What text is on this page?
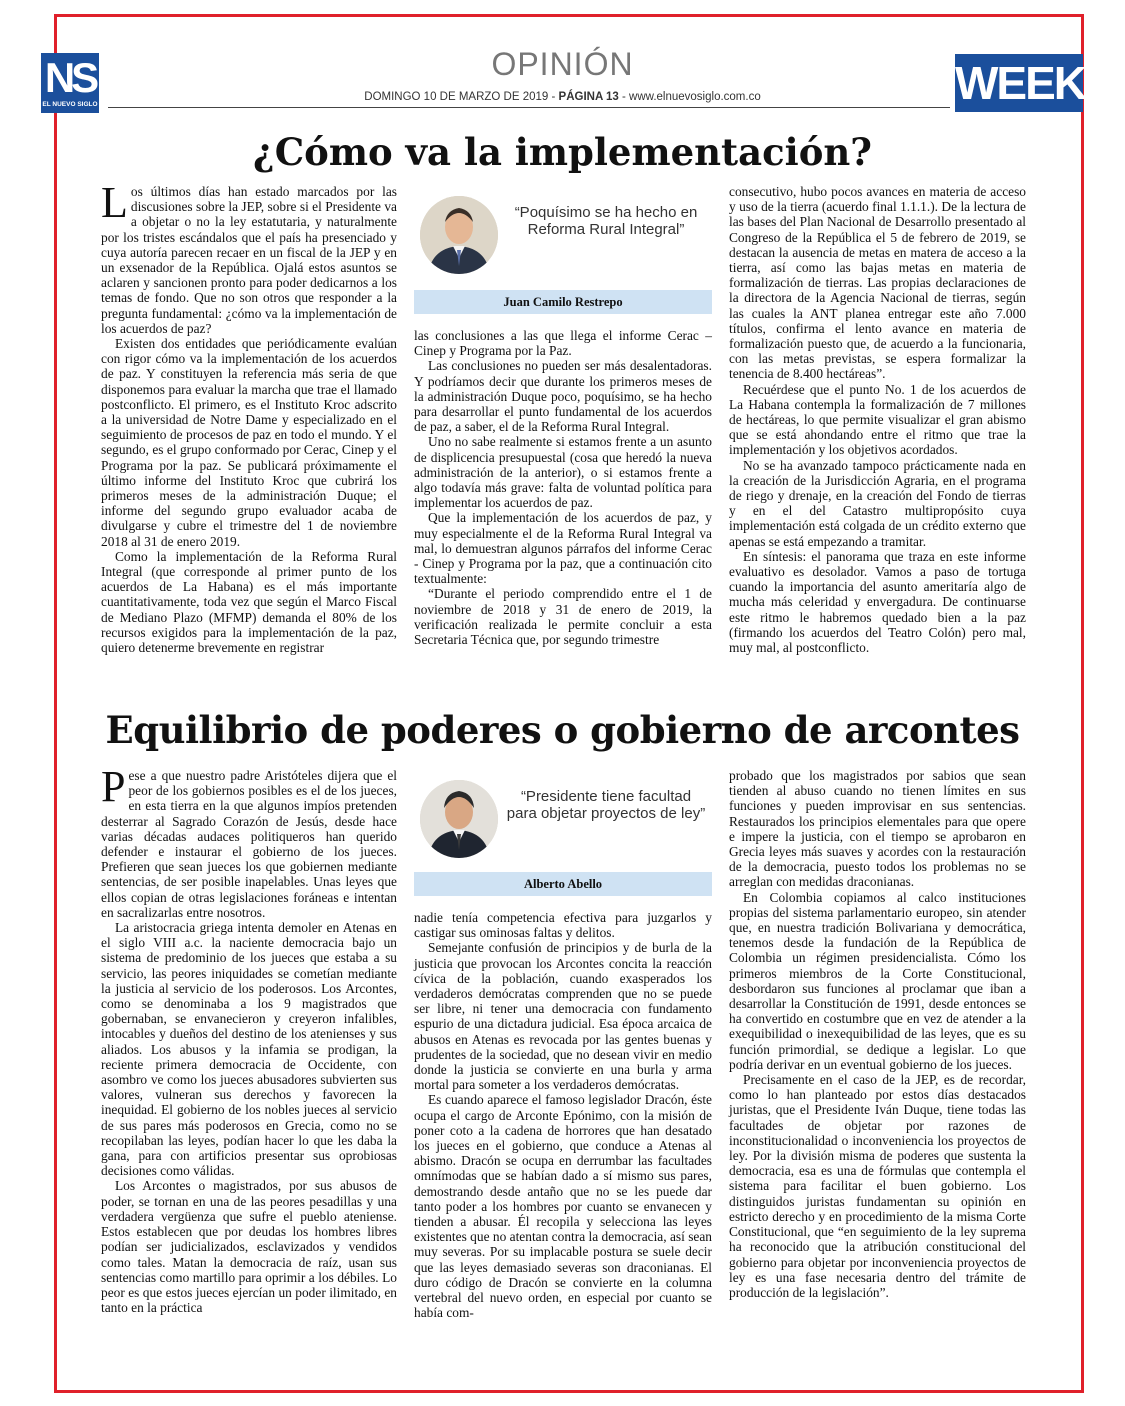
NS
EL NUEVO SIGLO
OPINIÓN
DOMINGO 10 DE MARZO DE 2019 - PÁGINA 13 - www.elnuevosiglo.com.co	WEEK
¿Cómo va la implementación?

Los últimos días han estado marcados por las discusiones sobre la JEP, sobre si el Presidente va a objetar o no la ley estatutaria, y naturalmente por los tristes escándalos que el país ha presenciado y cuya autoría parecen recaer en un fiscal de la JEP y en un exsenador de la República. Ojalá estos asuntos se aclaren y sancionen pronto para poder dedicarnos a los temas de fondo. Que no son otros que responder a la pregunta fundamental: ¿cómo va la implementación de los acuerdos de paz?

Existen dos entidades que periódicamente evalúan con rigor cómo va la implementación de los acuerdos de paz. Y constituyen la referencia más seria de que disponemos para evaluar la marcha que trae el llamado postconflicto. El primero, es el Instituto Kroc adscrito a la universidad de Notre Dame y especializado en el seguimiento de procesos de paz en todo el mundo. Y el segundo, es el grupo conformado por Cerac, Cinep y el Programa por la paz. Se publicará próximamente el último informe del Instituto Kroc que cubrirá los primeros meses de la administración Duque; el informe del segundo grupo evaluador acaba de divulgarse y cubre el trimestre del 1 de noviembre 2018 al 31 de enero 2019.

Como la implementación de la Reforma Rural Integral (que corresponde al primer punto de los acuerdos de La Habana) es el más importante cuantitativamente, toda vez que según el Marco Fiscal de Mediano Plazo (MFMP) demanda el 80% de los recursos exigidos para la implementación de la paz, quiero detenerme brevemente en registrar

“Poquísimo se ha hecho en Reforma Rural Integral”
Juan Camilo Restrepo

las conclusiones a las que llega el informe Cerac – Cinep y Programa por la Paz.

Las conclusiones no pueden ser más desalentadoras. Y podríamos decir que durante los primeros meses de la administración Duque poco, poquísimo, se ha hecho para desarrollar el punto fundamental de los acuerdos de paz, a saber, el de la Reforma Rural Integral.

Uno no sabe realmente si estamos frente a un asunto de displicencia presupuestal (cosa que heredó la nueva administración de la anterior), o si estamos frente a algo todavía más grave: falta de voluntad política para implementar los acuerdos de paz.

Que la implementación de los acuerdos de paz, y muy especialmente el de la Reforma Rural Integral va mal, lo demuestran algunos párrafos del informe Cerac - Cinep y Programa por la paz, que a continuación cito textualmente:

“Durante el periodo comprendido entre el 1 de noviembre de 2018 y 31 de enero de 2019, la verificación realizada le permite concluir a esta Secretaria Técnica que, por segundo trimestre

consecutivo, hubo pocos avances en materia de acceso y uso de la tierra (acuerdo final 1.1.1.). De la lectura de las bases del Plan Nacional de Desarrollo presentado al Congreso de la República el 5 de febrero de 2019, se destacan la ausencia de metas en matera de acceso a la tierra, así como las bajas metas en materia de formalización de tierras. Las propias declaraciones de la directora de la Agencia Nacional de tierras, según las cuales la ANT planea entregar este año 7.000 títulos, confirma el lento avance en materia de formalización puesto que, de acuerdo a la funcionaria, con las metas previstas, se espera formalizar la tenencia de 8.400 hectáreas”.

Recuérdese que el punto No. 1 de los acuerdos de La Habana contempla la formalización de 7 millones de hectáreas, lo que permite visualizar el gran abismo que se está ahondando entre el ritmo que trae la implementación y los objetivos acordados.

No se ha avanzado tampoco prácticamente nada en la creación de la Jurisdicción Agraria, en el programa de riego y drenaje, en la creación del Fondo de tierras y en el del Catastro multipropósito cuya implementación está colgada de un crédito externo que apenas se está empezando a tramitar.

En síntesis: el panorama que traza en este informe evaluativo es desolador. Vamos a paso de tortuga cuando la importancia del asunto ameritaría algo de mucha más celeridad y envergadura. De continuarse este ritmo le habremos quedado bien a la paz (firmando los acuerdos del Teatro Colón) pero mal, muy mal, al postconflicto.

Equilibrio de poderes o gobierno de arcontes

Pese a que nuestro padre Aristóteles dijera que el peor de los gobiernos posibles es el de los jueces, en esta tierra en la que algunos impíos pretenden desterrar al Sagrado Corazón de Jesús, desde hace varias décadas audaces politiqueros han querido defender e instaurar el gobierno de los jueces. Prefieren que sean jueces los que gobiernen mediante sentencias, de ser posible inapelables. Unas leyes que ellos copian de otras legislaciones foráneas e intentan en sacralizarlas entre nosotros.

La aristocracia griega intenta demoler en Atenas en el siglo VIII a.c. la naciente democracia bajo un sistema de predominio de los jueces que estaba a su servicio, las peores iniquidades se cometían mediante la justicia al servicio de los poderosos. Los Arcontes, como se denominaba a los 9 magistrados que gobernaban, se envanecieron y creyeron infalibles, intocables y dueños del destino de los atenienses y sus aliados. Los abusos y la infamia se prodigan, la reciente primera democracia de Occidente, con asombro ve como los jueces abusadores subvierten sus valores, vulneran sus derechos y favorecen la inequidad. El gobierno de los nobles jueces al servicio de sus pares más poderosos en Grecia, como no se recopilaban las leyes, podían hacer lo que les daba la gana, para con artificios presentar sus oprobiosas decisiones como válidas.

Los Arcontes o magistrados, por sus abusos de poder, se tornan en una de las peores pesadillas y una verdadera vergüenza que sufre el pueblo ateniense. Estos establecen que por deudas los hombres libres podían ser judicializados, esclavizados y vendidos como tales. Matan la democracia de raíz, usan sus sentencias como martillo para oprimir a los débiles. Lo peor es que estos jueces ejercían un poder ilimitado, en tanto en la práctica

“Presidente tiene facultad para objetar proyectos de ley”
Alberto Abello

nadie tenía competencia efectiva para juzgarlos y castigar sus ominosas faltas y delitos.

Semejante confusión de principios y de burla de la justicia que provocan los Arcontes concita la reacción cívica de la población, cuando exasperados los verdaderos demócratas comprenden que no se puede ser libre, ni tener una democracia con fundamento espurio de una dictadura judicial. Esa época arcaica de abusos en Atenas es revocada por las gentes buenas y prudentes de la sociedad, que no desean vivir en medio donde la justicia se convierte en una burla y arma mortal para someter a los verdaderos demócratas.

Es cuando aparece el famoso legislador Dracón, éste ocupa el cargo de Arconte Epónimo, con la misión de poner coto a la cadena de horrores que han desatado los jueces en el gobierno, que conduce a Atenas al abismo. Dracón se ocupa en derrumbar las facultades omnímodas que se habían dado a sí mismo sus pares, demostrando desde antaño que no se les puede dar tanto poder a los hombres por cuanto se envanecen y tienden a abusar. Él recopila y selecciona las leyes existentes que no atentan contra la democracia, así sean muy severas. Por su implacable postura se suele decir que las leyes demasiado severas son draconianas. El duro código de Dracón se convierte en la columna vertebral del nuevo orden, en especial por cuanto se había com-

probado que los magistrados por sabios que sean tienden al abuso cuando no tienen límites en sus funciones y pueden improvisar en sus sentencias. Restaurados los principios elementales para que opere e impere la justicia, con el tiempo se aprobaron en Grecia leyes más suaves y acordes con la restauración de la democracia, puesto todos los problemas no se arreglan con medidas draconianas.

En Colombia copiamos al calco instituciones propias del sistema parlamentario europeo, sin atender que, en nuestra tradición Bolivariana y democrática, tenemos desde la fundación de la República de Colombia un régimen presidencialista. Cómo los primeros miembros de la Corte Constitucional, desbordaron sus funciones al proclamar que iban a desarrollar la Constitución de 1991, desde entonces se ha convertido en costumbre que en vez de atender a la exequibilidad o inexequibilidad de las leyes, que es su función primordial, se dedique a legislar. Lo que podría derivar en un eventual gobierno de los jueces.

Precisamente en el caso de la JEP, es de recordar, como lo han planteado por estos días destacados juristas, que el Presidente Iván Duque, tiene todas las facultades de objetar por razones de inconstitucionalidad o inconveniencia los proyectos de ley. Por la división misma de poderes que sustenta la democracia, esa es una de fórmulas que contempla el sistema para facilitar el buen gobierno. Los distinguidos juristas fundamentan su opinión en estricto derecho y en procedimiento de la misma Corte Constitucional, que “en seguimiento de la ley suprema ha reconocido que la atribución constitucional del gobierno para objetar por inconveniencia proyectos de ley es una fase necesaria dentro del trámite de producción de la legislación”.
